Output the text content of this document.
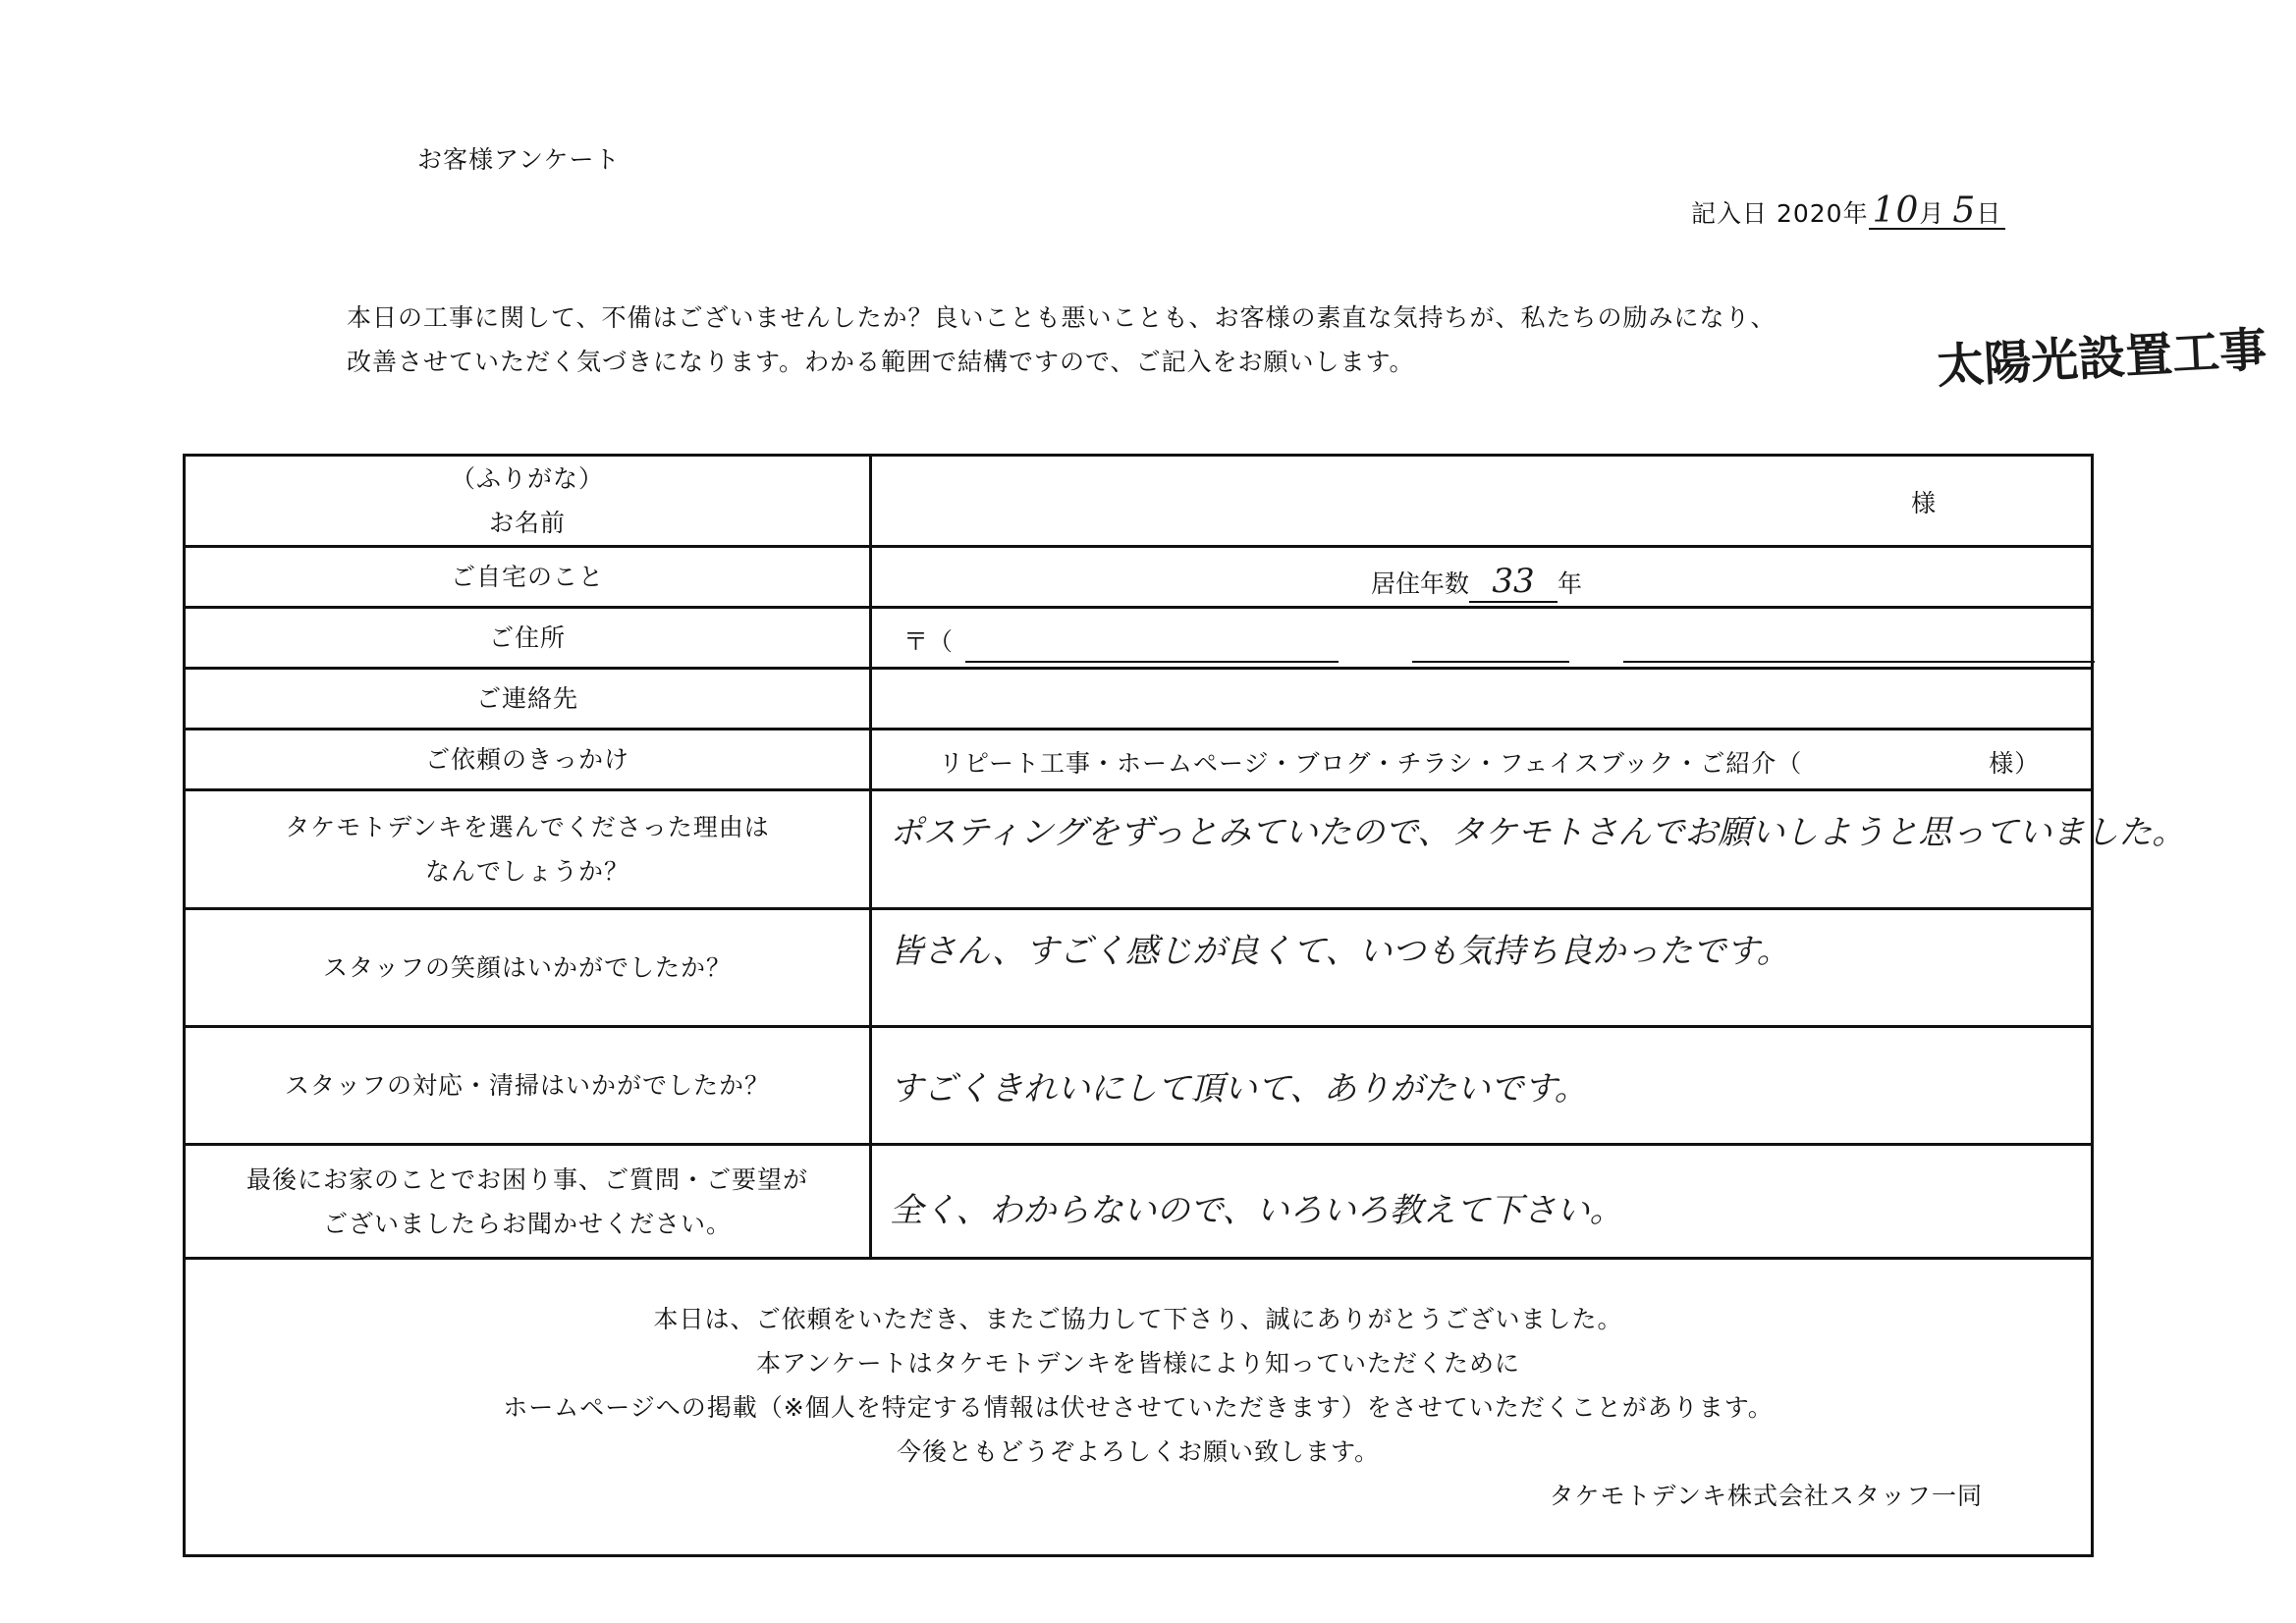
お客様アンケート
記入日 2020年 10月 5日
本日の工事に関して、不備はございませんしたか？良いことも悪いことも、お客様の素直な気持ちが、私たちの励みになり、
改善させていただく気づきになります。わかる範囲で結構ですので、ご記入をお願いします。	太陽光設置工事
（ふりがな）
お名前	様

ご自宅のこと	居住年数 33 年

ご住所	〒（

ご連絡先	
ご依頼のきっかけ	リピート工事・ホームページ・ブログ・チラシ・フェイスブック・ご紹介（ 様）

タケモトデンキを選んでくださった理由は
なんでしょうか？	ポスティングをずっとみていたので、タケモトさんでお願いしようと思っていました。

スタッフの笑顔はいかがでしたか？	皆さん、すごく感じが良くて、いつも気持ち良かったです。

スタッフの対応・清掃はいかがでしたか？	すごくきれいにして頂いて、ありがたいです。

最後にお家のことでお困り事、ご質問・ご要望が
ございましたらお聞かせください。	全く、わからないので、いろいろ教えて下さい。

本日は、ご依頼をいただき、またご協力して下さり、誠にありがとうございました。
本アンケートはタケモトデンキを皆様により知っていただくために
ホームページへの掲載（※個人を特定する情報は伏せさせていただきます）をさせていただくことがあります。
今後ともどうぞよろしくお願い致します。
タケモトデンキ株式会社スタッフ一同	
